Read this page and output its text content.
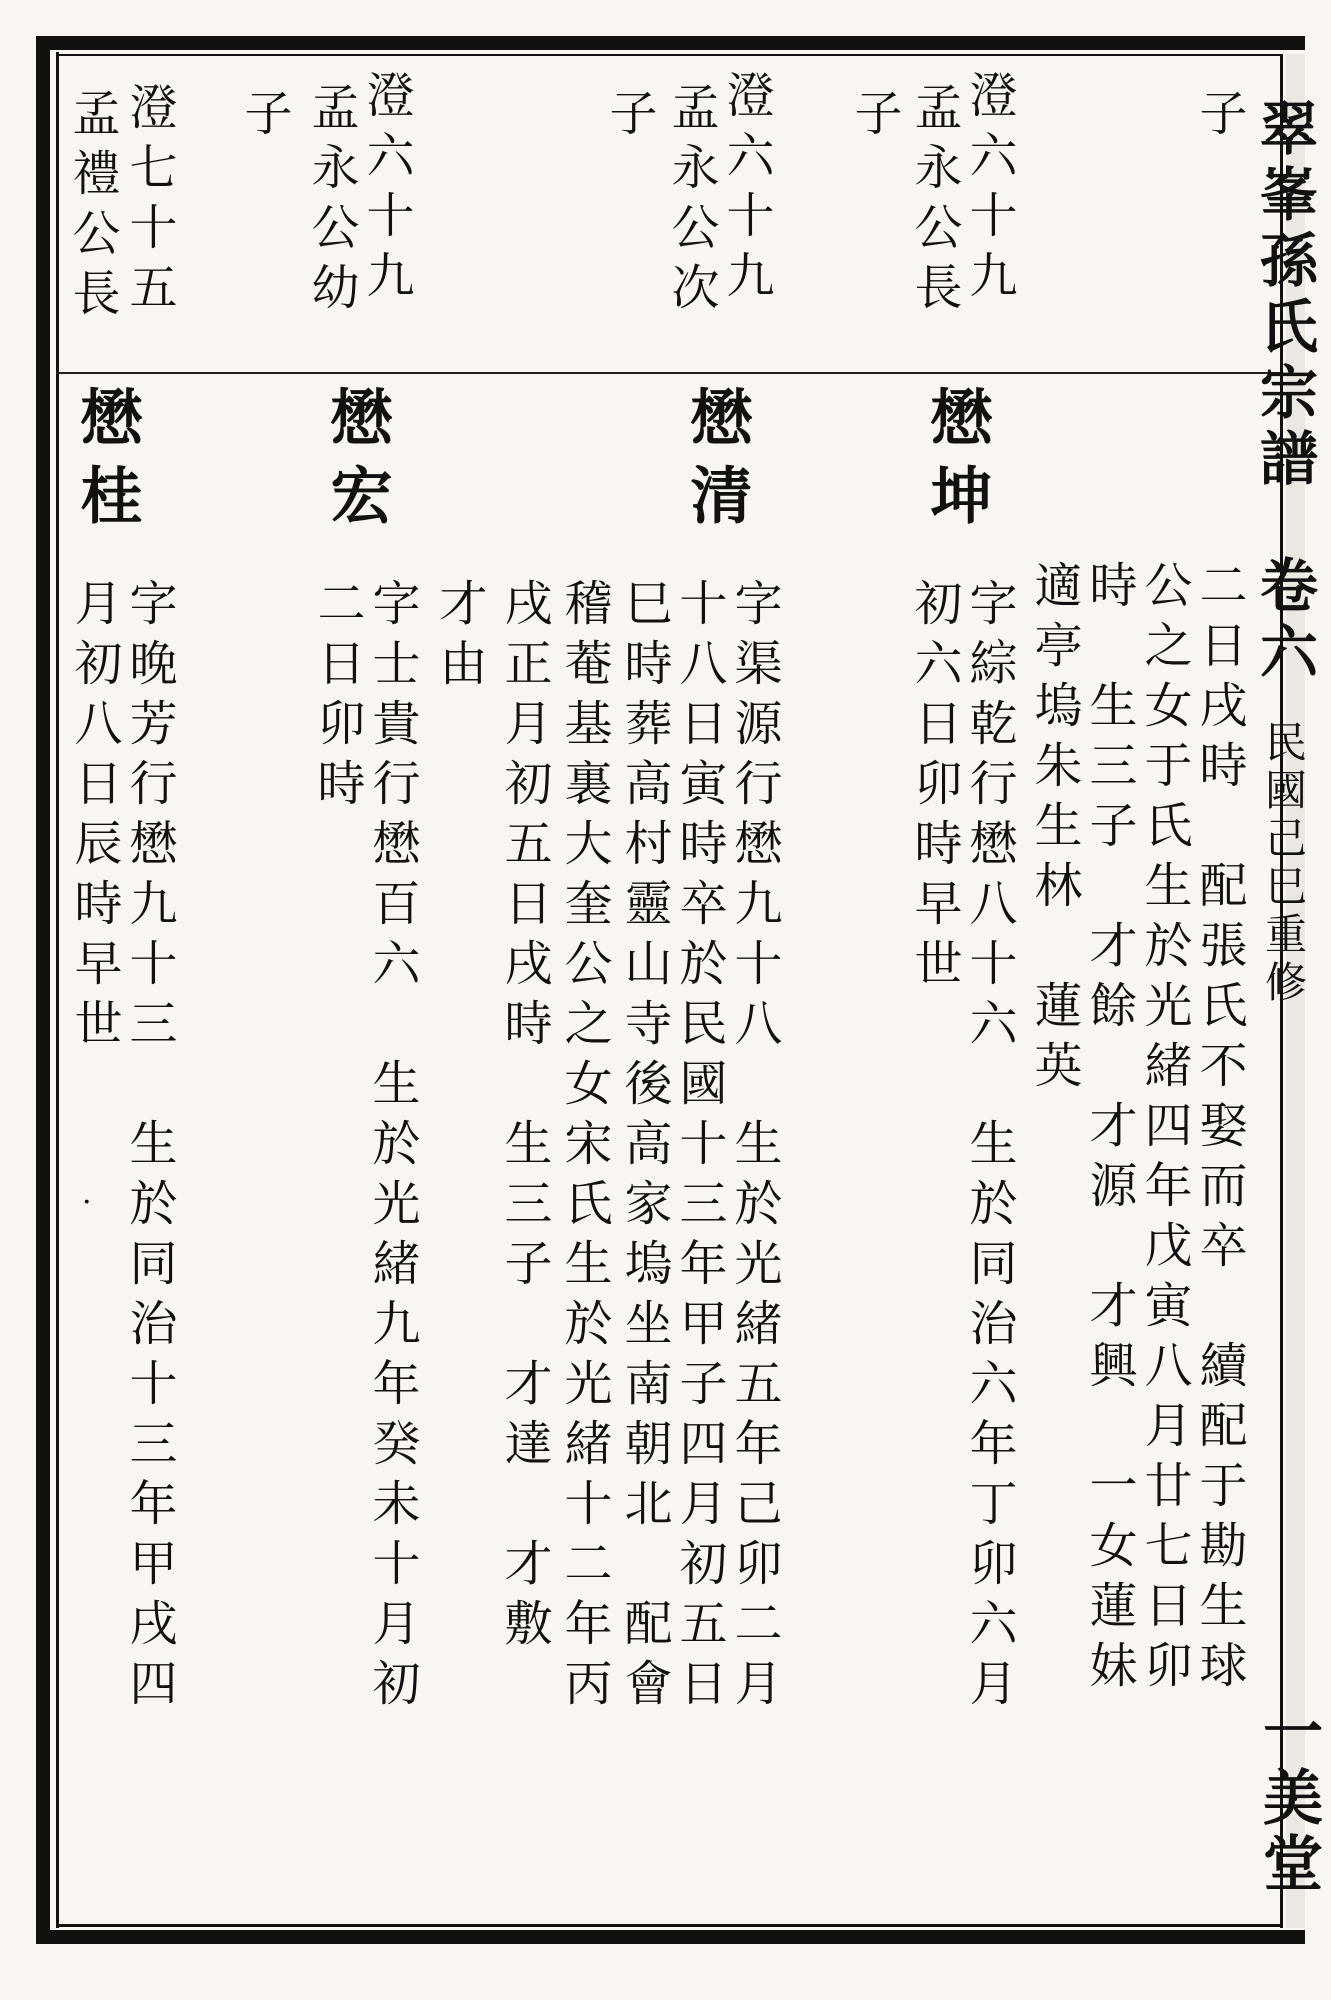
翠峯孫氏宗譜
卷六
民國己巳重修
一美堂
子
二日戌時　配張氏不娶而卒　續配于勘生球
公之女于氏生於光緒四年戊寅八月廿七日卯
時　生三子　才餘　才源　才興　一女蓮妹
適亭塢朱生林　蓮英
澄六十九
孟永公長
子
澄六十九
孟永公次
子
澄六十九
孟永公幼
子
澄七十五
孟禮公長
懋坤
字綜乾行懋八十六　生於同治六年丁卯六月
初六日卯時早世
懋清
字渠源行懋九十八　生於光緒五年己卯二月
十八日寅時卒於民國十三年甲子四月初五日
巳時葬高村靈山寺後高家塢坐南朝北　配會
稽菴基裏大奎公之女宋氏生於光緒十二年丙
戌正月初五日戌時　生三子　才達　才敷
才由
懋宏
字士貴行懋百六　生於光緒九年癸未十月初
二日卯時
懋桂
字晚芳行懋九十三　生於同治十三年甲戌四
月初八日辰時早世
·
